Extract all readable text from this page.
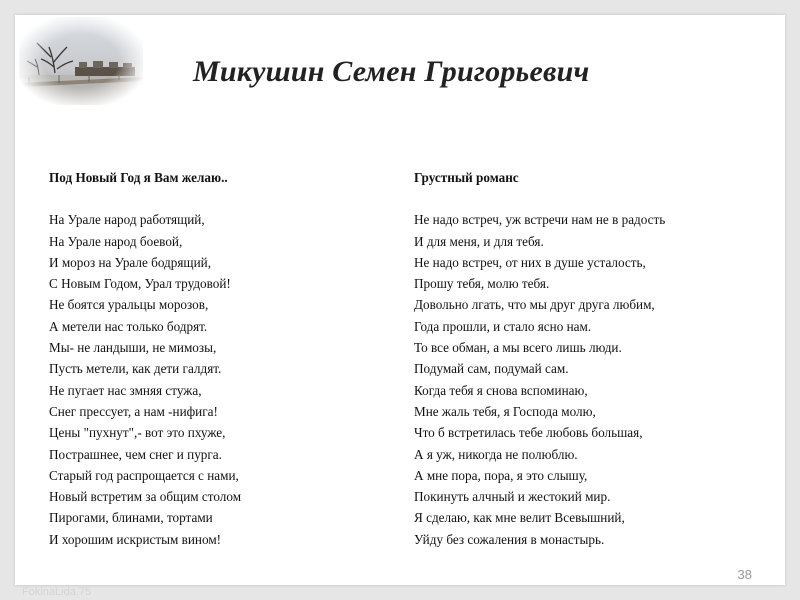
Микушин Семен Григорьевич
Под Новый Год я Вам желаю..
На Урале народ работящий,
На Урале народ боевой,
И мороз на Урале бодрящий,
С Новым Годом, Урал трудовой!
Не боятся уральцы морозов,
А метели нас только бодрят.
Мы- не ландыши, не мимозы,
Пусть метели, как дети галдят.
Не пугает нас змняя стужа,
Снег прессует, а нам -нифига!
Цены "пухнут",- вот это пхуже,
Пострашнее, чем снег и пурга.
Старый год распрощается с нами,
Новый встретим за общим столом
Пирогами, блинами, тортами
И хорошим искристым вином!
Грустный романс
Не надо встреч, уж встречи нам не в радость
И для меня, и для тебя.
Не надо встреч, от них в душе усталость,
Прошу тебя, молю тебя.
Довольно лгать, что мы друг друга любим,
Года прошли, и стало ясно нам.
То все обман, а мы всего лишь люди.
Подумай сам, подумай сам.
Когда тебя я снова вспоминаю,
Мне жаль тебя, я Господа молю,
Что б встретилась тебе любовь большая,
А я уж, никогда не полюблю.
А мне пора, пора, я это слышу,
Покинуть алчный и жестокий мир.
Я сделаю, как мне велит Всевышний,
Уйду без сожаления в монастырь.
38
FokinaLida.75
